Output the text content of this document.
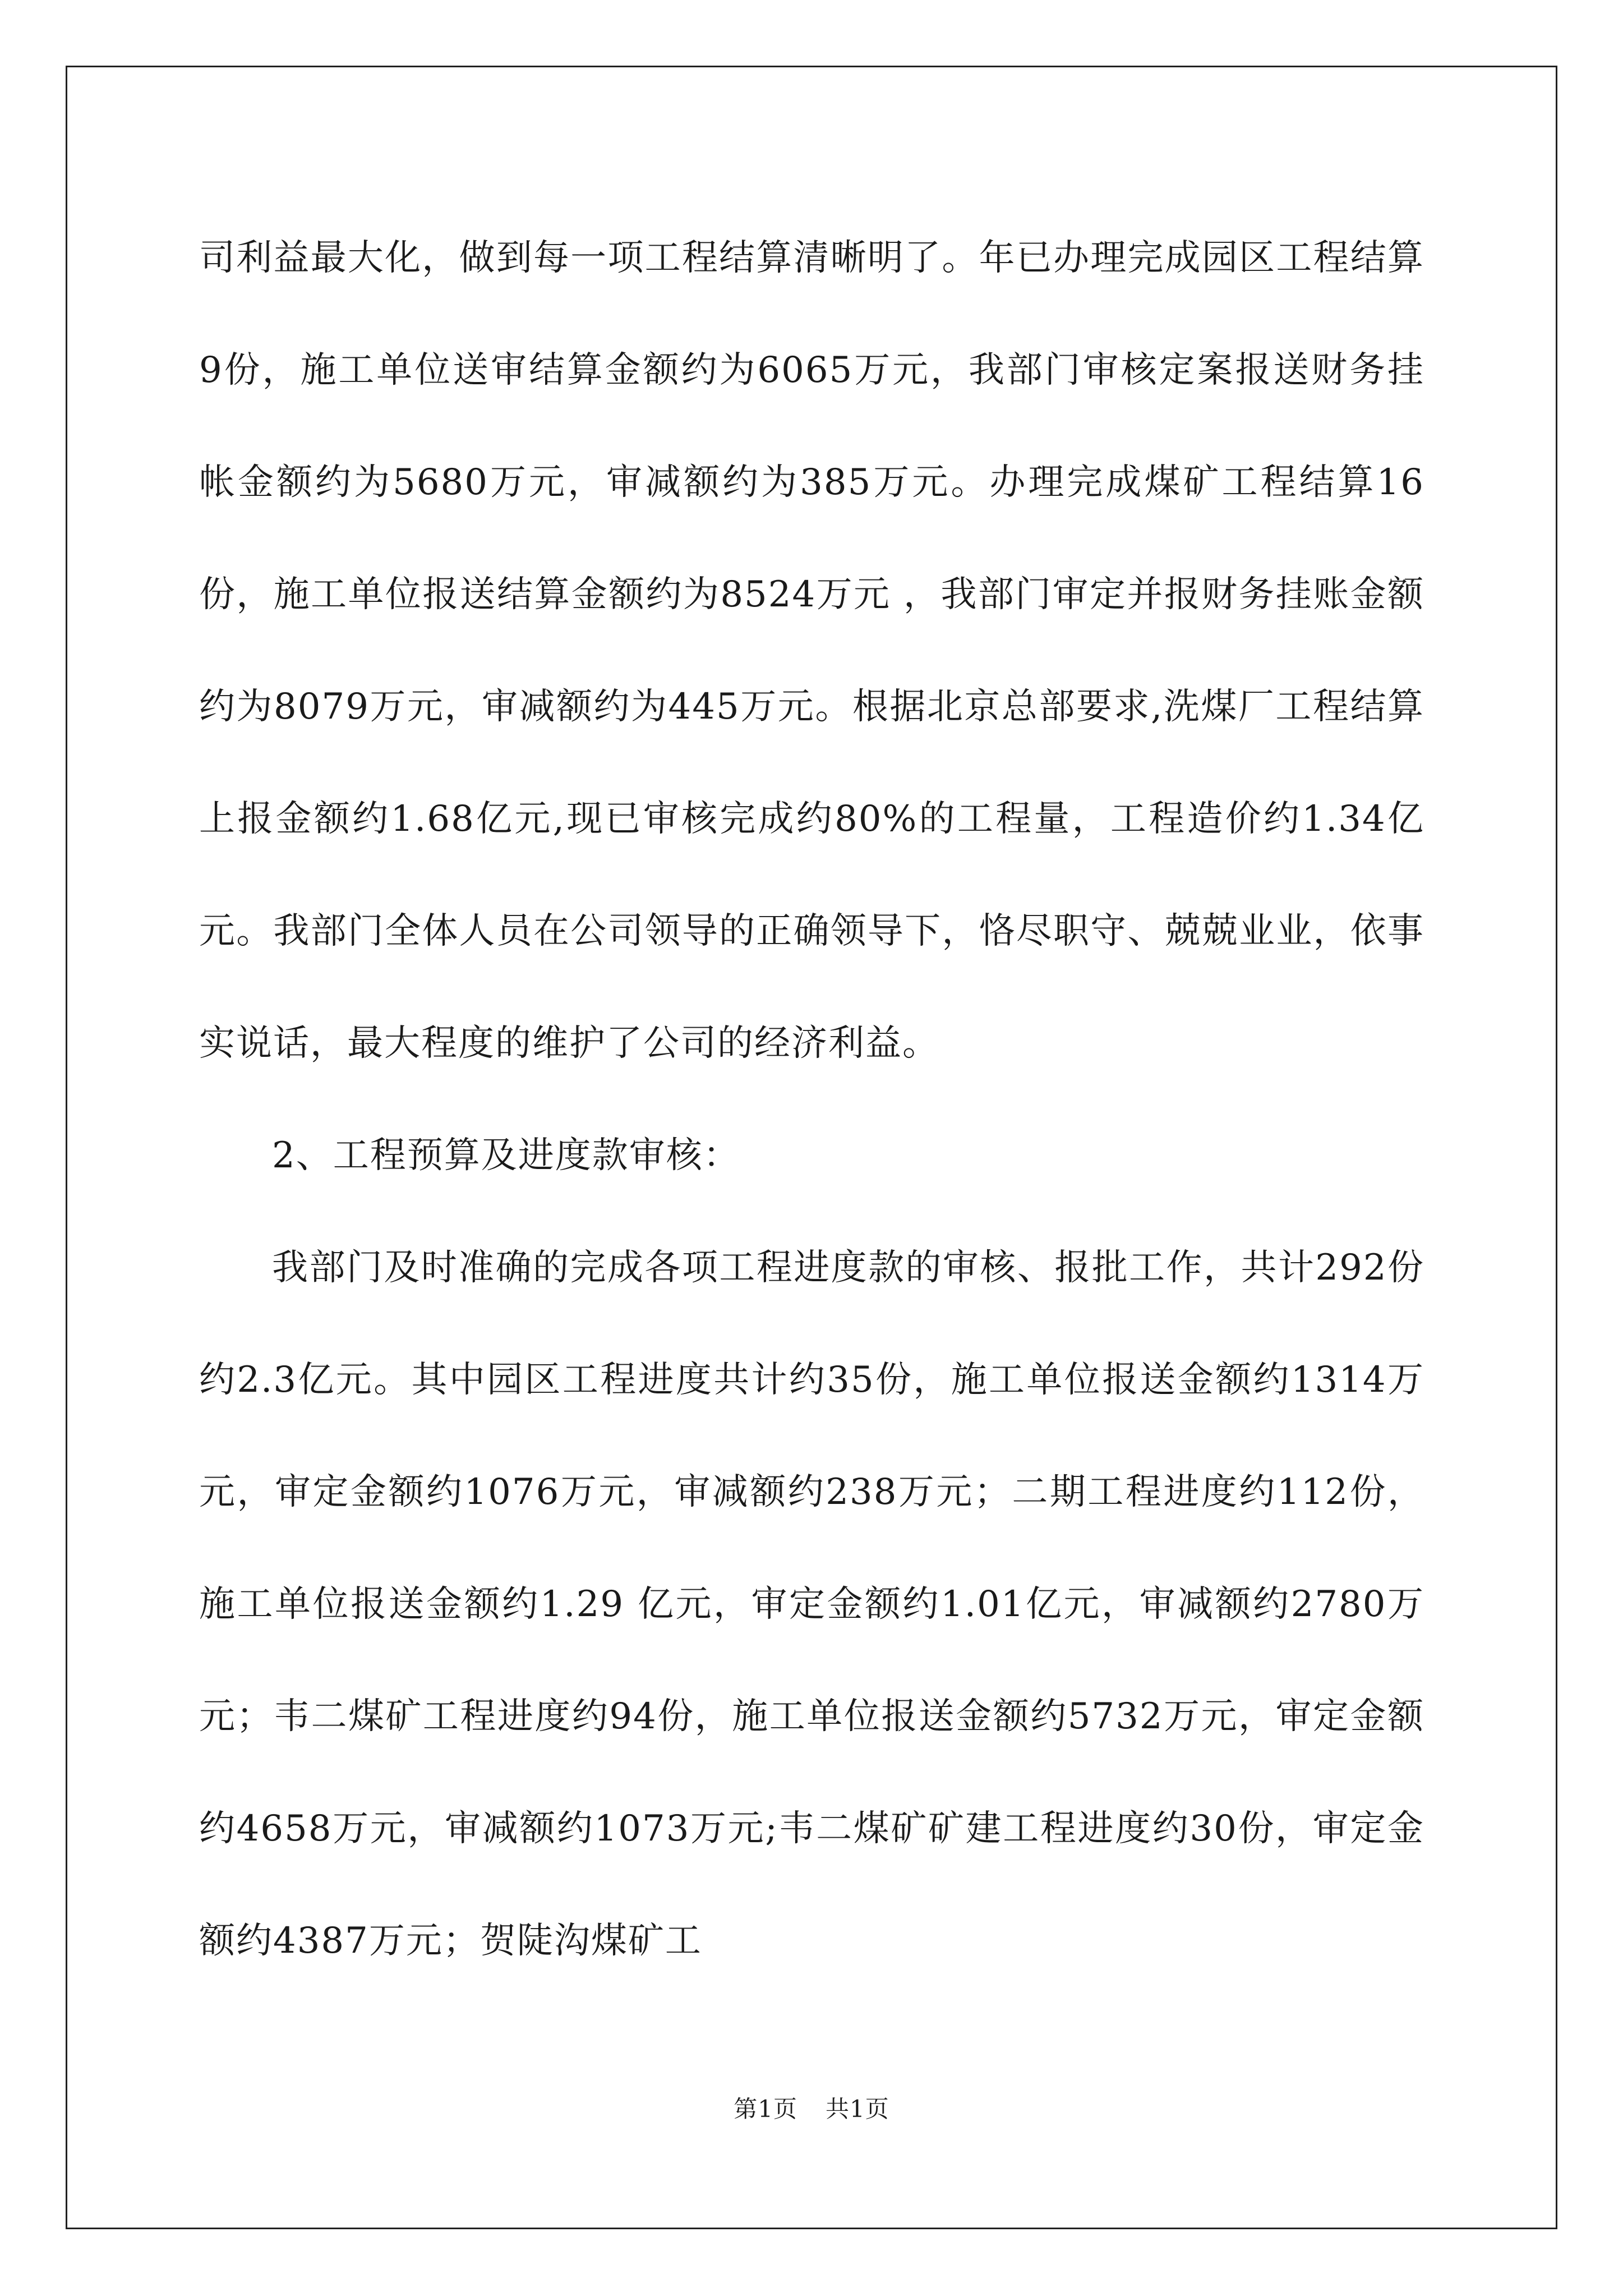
司利益最大化，做到每一项工程结算清晰明了。年已办理完成园区工程结算9份，施工单位送审结算金额约为6065万元，我部门审核定案报送财务挂帐金额约为5680万元，审减额约为385万元。办理完成煤矿工程结算16份，施工单位报送结算金额约为8524万元 ，我部门审定并报财务挂账金额约为8079万元，审减额约为445万元。根据北京总部要求,洗煤厂工程结算上报金额约1.68亿元,现已审核完成约80%的工程量，工程造价约1.34亿元。我部门全体人员在公司领导的正确领导下，恪尽职守、兢兢业业，依事实说话，最大程度的维护了公司的经济利益。

2、工程预算及进度款审核：

我部门及时准确的完成各项工程进度款的审核、报批工作，共计292份约2.3亿元。其中园区工程进度共计约35份，施工单位报送金额约1314万元，审定金额约1076万元，审减额约238万元；二期工程进度约112份，施工单位报送金额约1.29 亿元，审定金额约1.01亿元，审减额约2780万元；韦二煤矿工程进度约94份，施工单位报送金额约5732万元，审定金额约4658万元，审减额约1073万元;韦二煤矿矿建工程进度约30份，审定金额约4387万元；贺陡沟煤矿工

第1页 共1页
